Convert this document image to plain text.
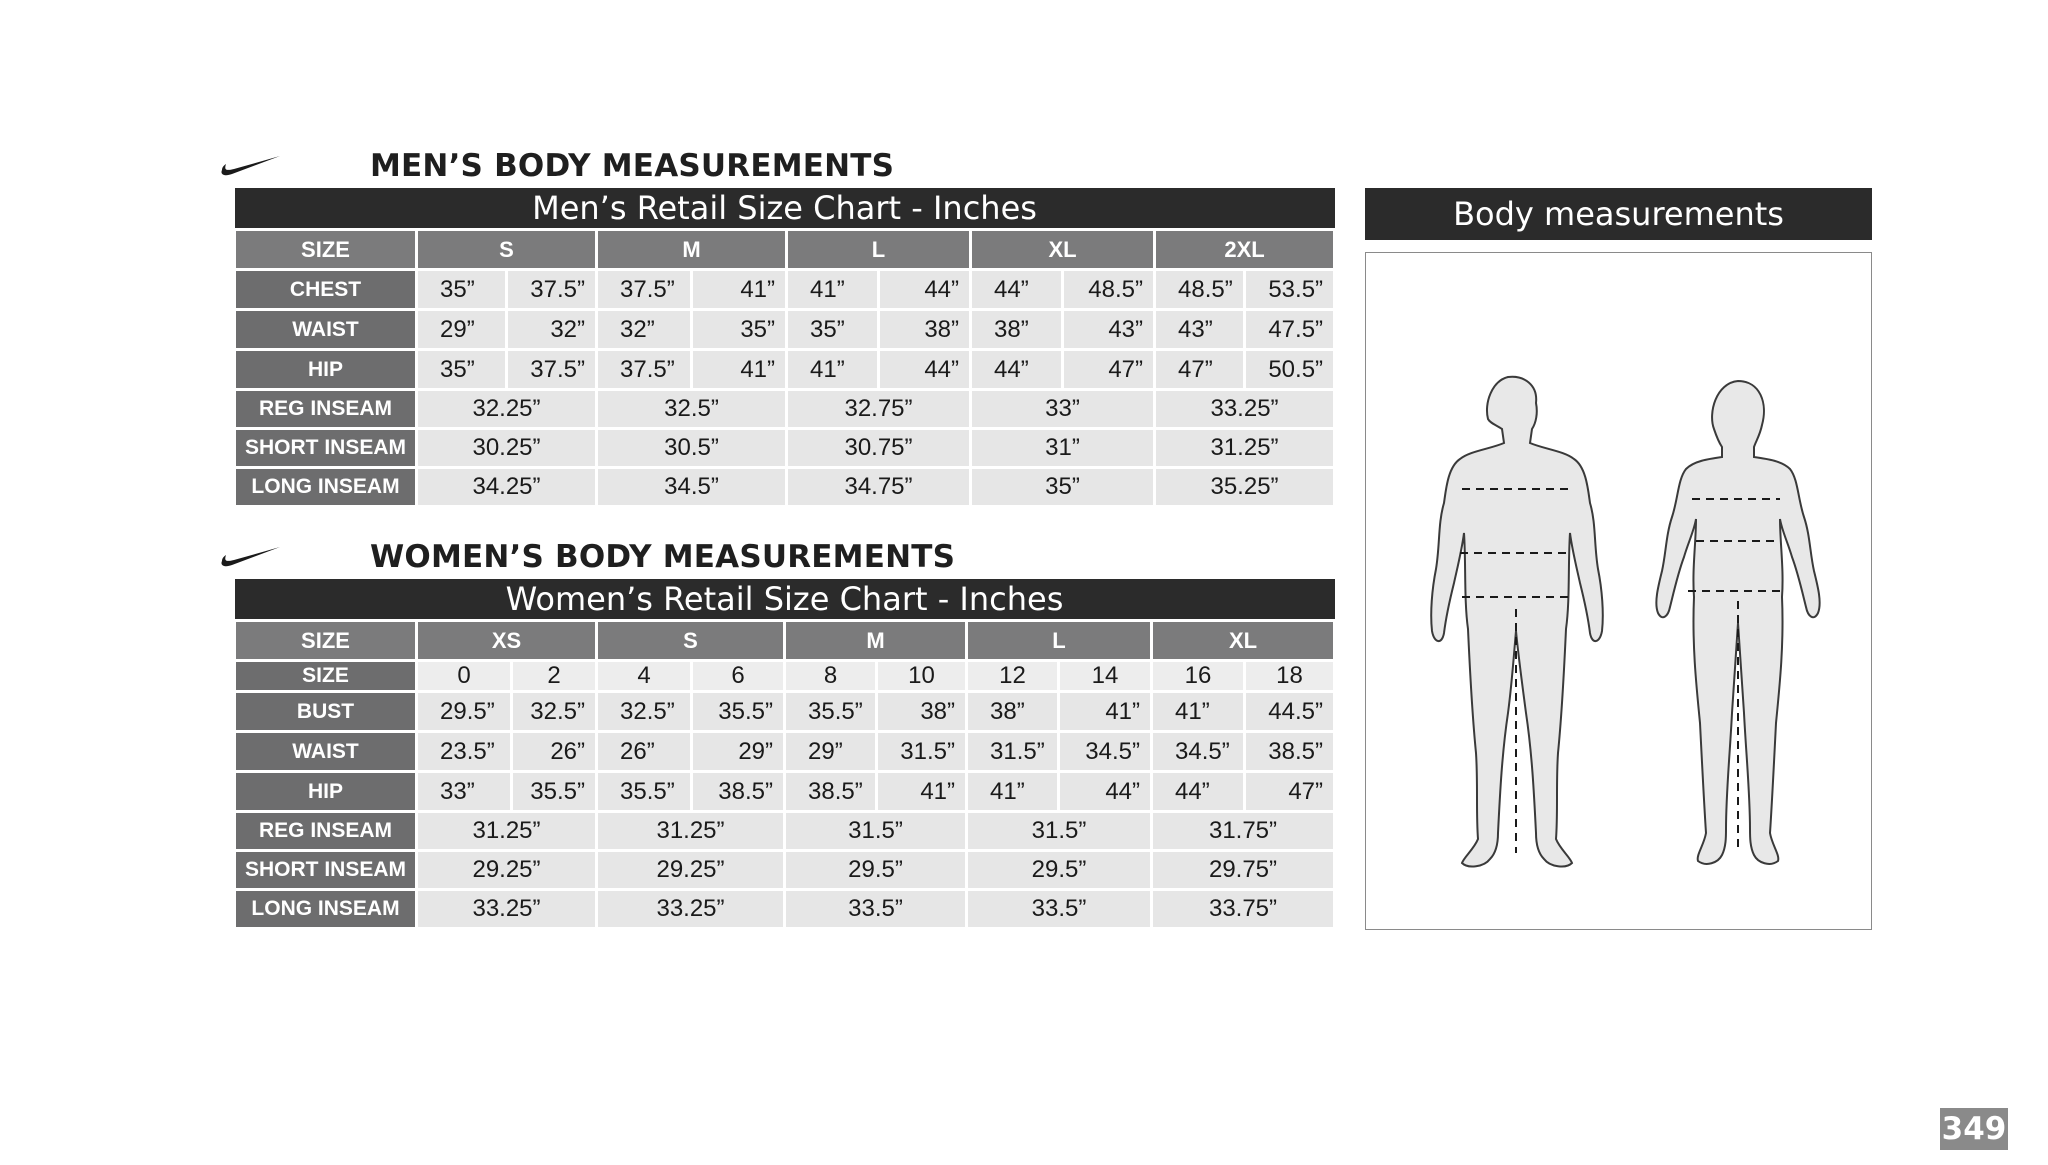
MEN’S BODY MEASUREMENTS
Men’s Retail Size Chart - Inches										
SIZE	S		M		L		XL		2XL	
CHEST	35”	37.5”	37.5”	41”	41”	44”	44”	48.5”	48.5”	53.5”
WAIST	29”	32”	32”	35”	35”	38”	38”	43”	43”	47.5”
HIP	35”	37.5”	37.5”	41”	41”	44”	44”	47”	47”	50.5”
REG INSEAM	32.25”		32.5”		32.75”		33”		33.25”	
SHORT INSEAM	30.25”		30.5”		30.75”		31”		31.25”	
LONG INSEAM	34.25”		34.5”		34.75”		35”		35.25”	
WOMEN’S BODY MEASUREMENTS
Women’s Retail Size Chart - Inches										
SIZE	XS		S		M		L		XL	
SIZE	0	2	4	6	8	10	12	14	16	18
BUST	29.5”	32.5”	32.5”	35.5”	35.5”	38”	38”	41”	41”	44.5”
WAIST	23.5”	26”	26”	29”	29”	31.5”	31.5”	34.5”	34.5”	38.5”
HIP	33”	35.5”	35.5”	38.5”	38.5”	41”	41”	44”	44”	47”
REG INSEAM	31.25”		31.25”		31.5”		31.5”		31.75”	
SHORT INSEAM	29.25”		29.25”		29.5”		29.5”		29.75”	
LONG INSEAM	33.25”		33.25”		33.5”		33.5”		33.75”	
Body measurements
349
